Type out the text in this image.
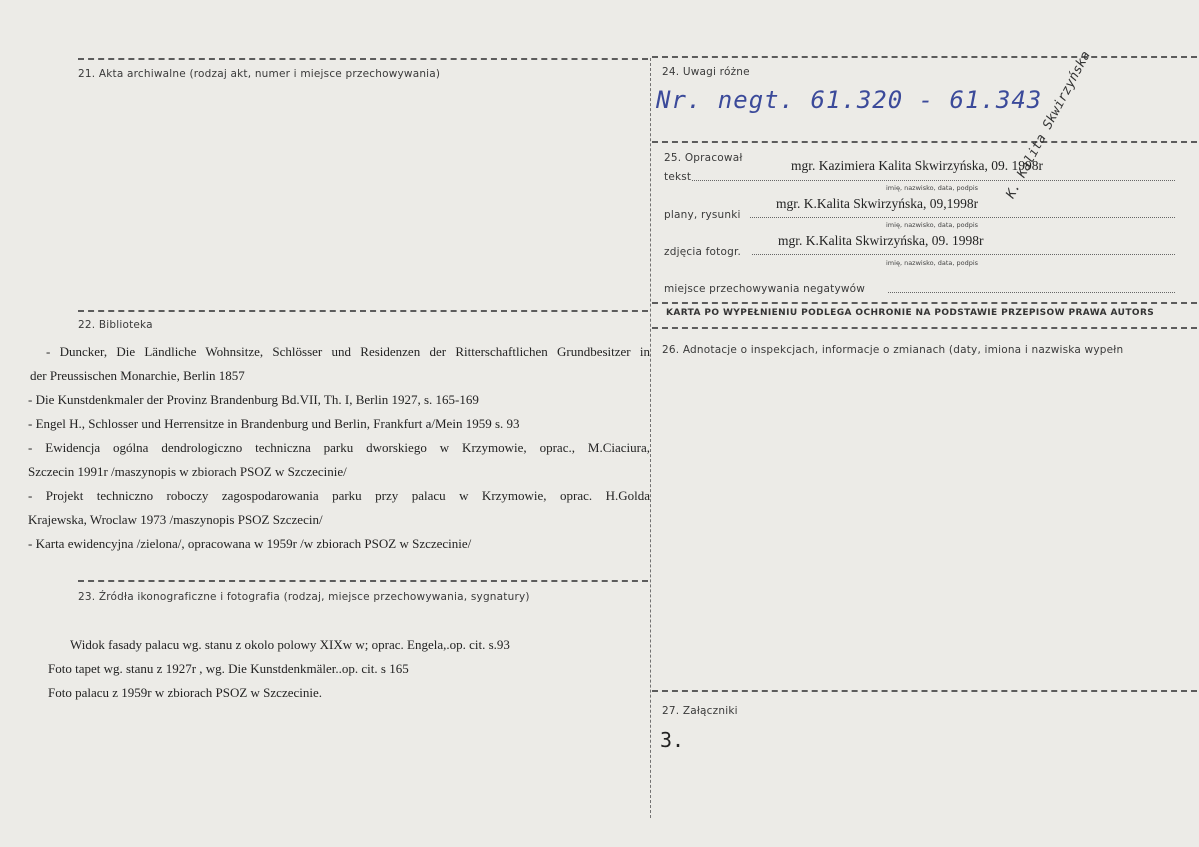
21. Akta archiwalne (rodzaj akt, numer i miejsce przechowywania)
22. Biblioteka
- Duncker, Die Ländliche Wohnsitze, Schlösser und Residenzen der Ritterschaftlichen Grundbesitzer in
der Preussischen Monarchie, Berlin 1857
- Die Kunstdenkmaler der Provinz Brandenburg Bd.VII, Th. I, Berlin 1927, s. 165-169
- Engel H., Schlosser und Herrensitze in Brandenburg und Berlin, Frankfurt a/Mein 1959 s. 93
- Ewidencja ogólna dendrologiczno techniczna parku dworskiego w Krzymowie, oprac., M.Ciaciura,
Szczecin 1991r /maszynopis w zbiorach PSOZ w Szczecinie/
- Projekt techniczno roboczy zagospodarowania parku przy palacu w Krzymowie, oprac. H.Golda
Krajewska, Wroclaw 1973 /maszynopis PSOZ Szczecin/
- Karta ewidencyjna /zielona/, opracowana w 1959r /w zbiorach PSOZ w Szczecinie/
23. Źródła ikonograficzne i fotografia (rodzaj, miejsce przechowywania, sygnatury)
Widok fasady palacu wg. stanu z okolo polowy XIXw w; oprac. Engela,.op. cit. s.93
Foto tapet wg. stanu z 1927r , wg. Die Kunstdenkmäler..op. cit. s 165
Foto palacu z 1959r w zbiorach PSOZ w Szczecinie.
24. Uwagi różne
Nr. negt. 61.320 - 61.343
25. Opracował
tekst
mgr. Kazimiera Kalita Skwirzyńska, 09. 1998r
imię, nazwisko, data, podpis
plany, rysunki
mgr. K.Kalita Skwirzyńska, 09,1998r
imię, nazwisko, data, podpis
zdjęcia fotogr.
mgr. K.Kalita Skwirzyńska, 09. 1998r
imię, nazwisko, data, podpis
K. Kalita Skwirzyńska
miejsce przechowywania negatywów
KARTA PO WYPEŁNIENIU PODLEGA OCHRONIE NA PODSTAWIE PRZEPISÓW PRAWA AUTORS
26. Adnotacje o inspekcjach, informacje o zmianach (daty, imiona i nazwiska wypełn
27. Załączniki
3.
